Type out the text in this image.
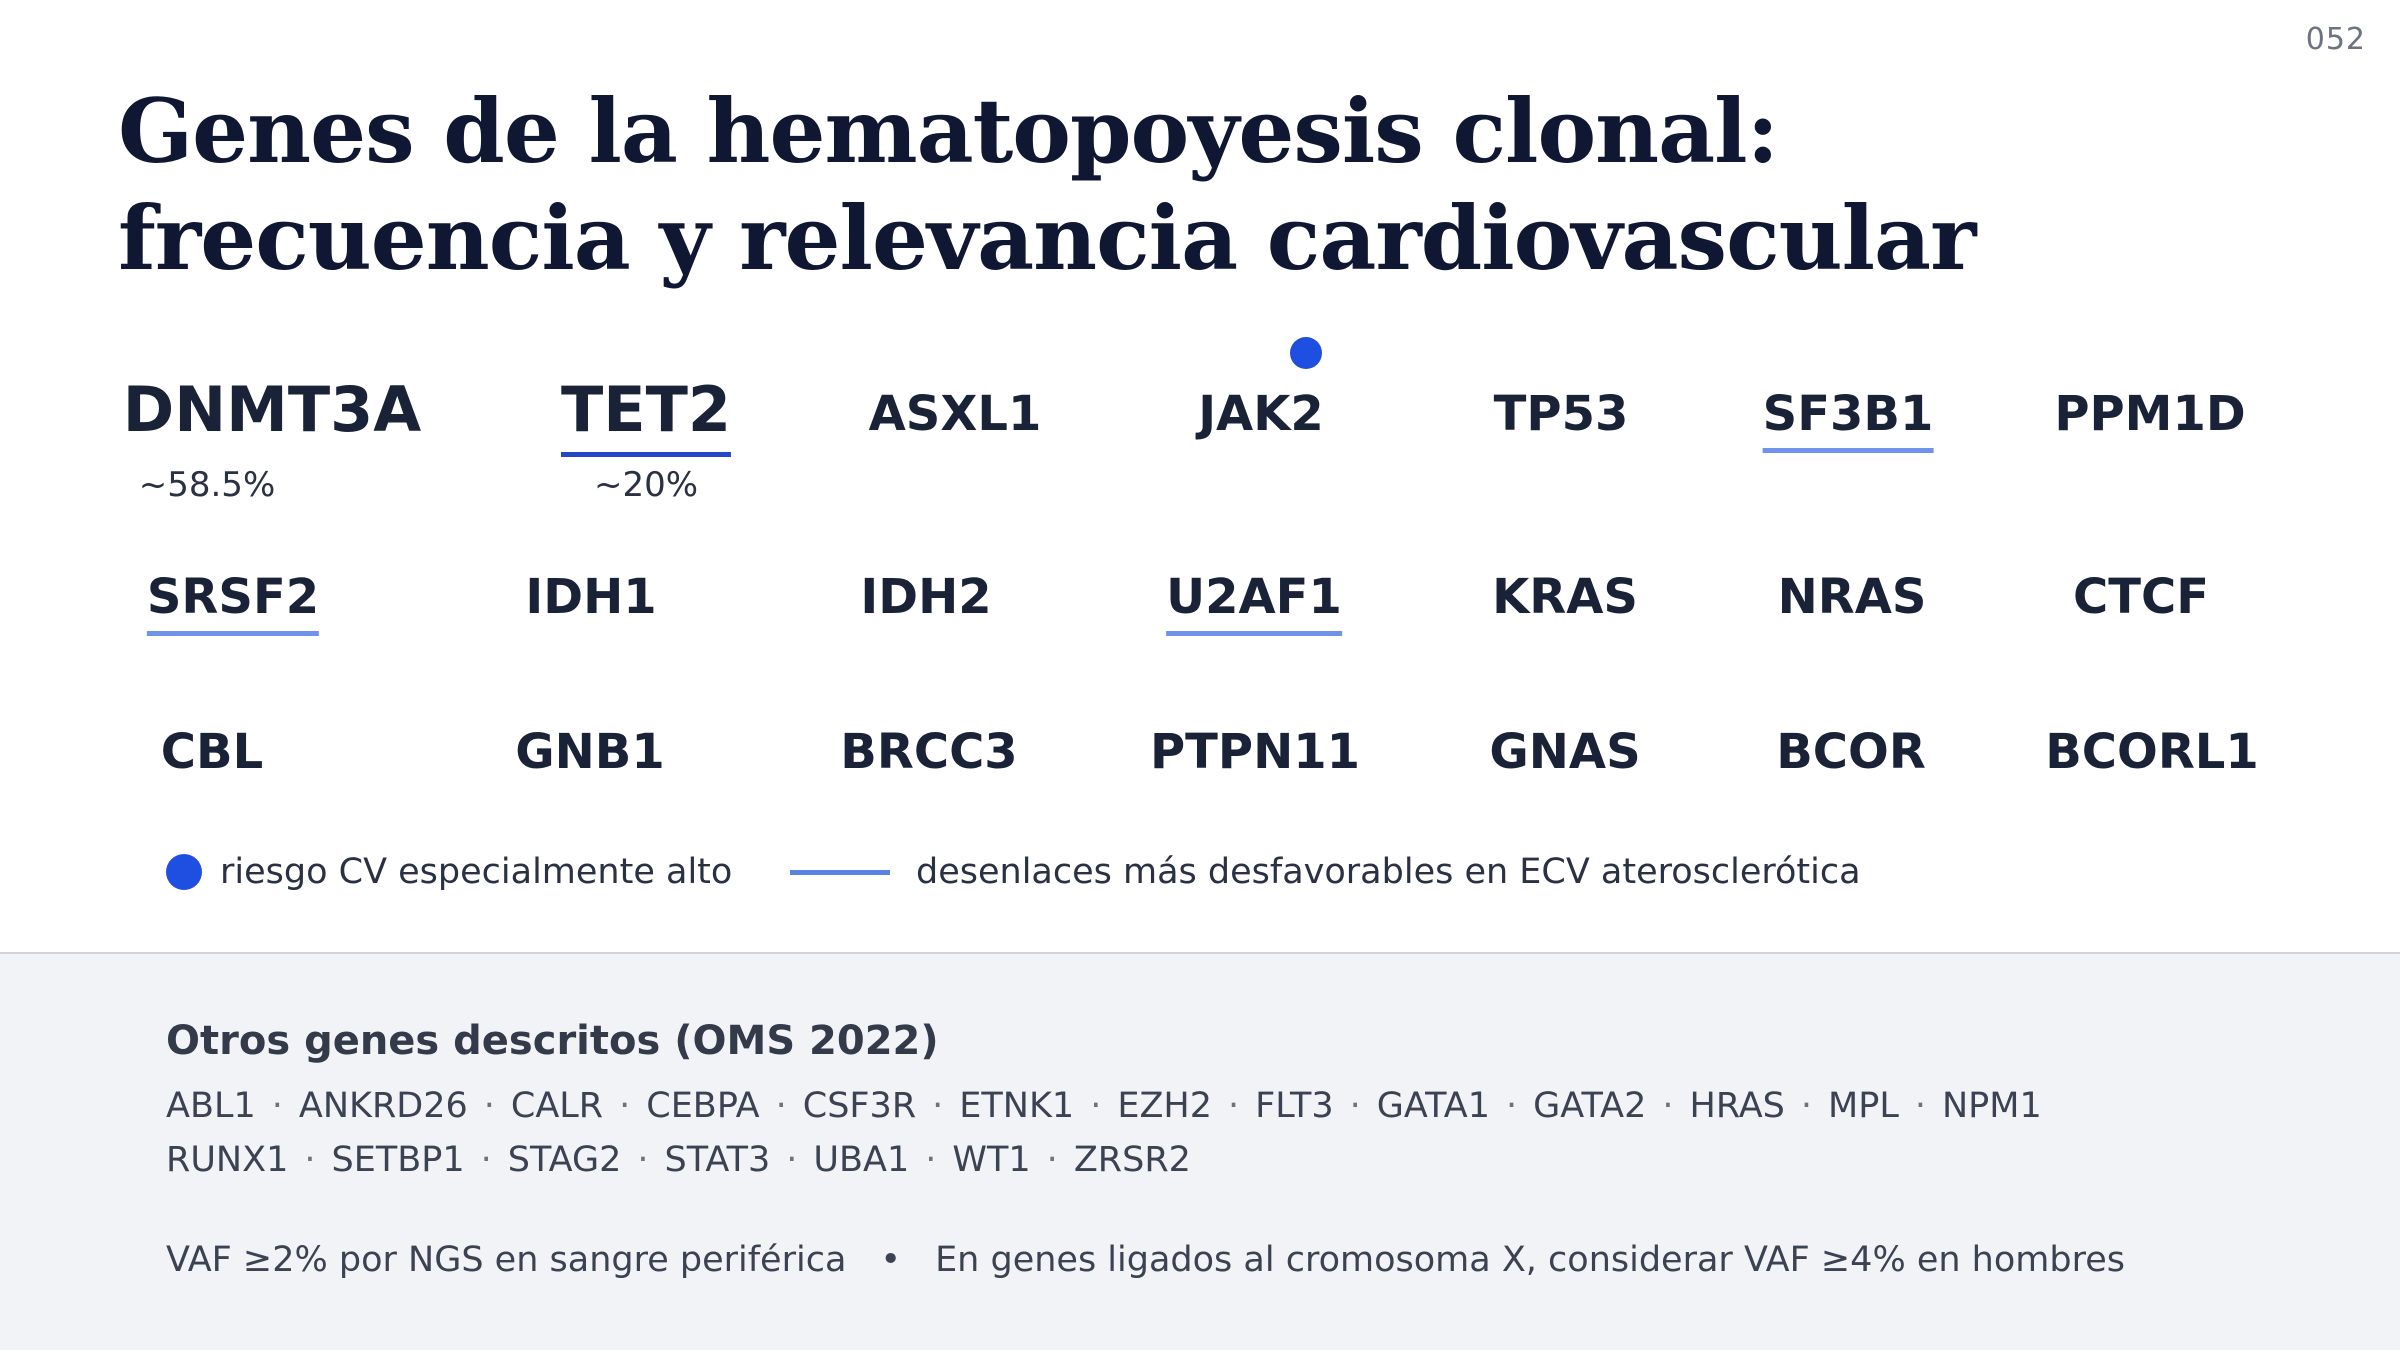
052
Genes de la hematopoyesis clonal:
frecuencia y relevancia cardiovascular
DNMT3A
~58.5%
TET2
~20%
ASXL1	JAK2	TP53	SF3B1	PPM1D
SRSF2	IDH1	IDH2	U2AF1	KRAS	NRAS	CTCF
CBL	GNB1	BRCC3	PTPN11	GNAS	BCOR BCORL1
riesgo CV especialmente alto	desenlaces más desfavorables en ECV aterosclerótica
Otros genes descritos (OMS 2022)
ABL1 · ANKRD26 · CALR · CEBPA · CSF3R · ETNK1 · EZH2 · FLT3 · GATA1 · GATA2 · HRAS · MPL · NPM1
RUNX1 · SETBP1 · STAG2 · STAT3 · UBA1 · WT1 · ZRSR2
VAF ≥2% por NGS en sangre periférica • En genes ligados al cromosoma X, considerar VAF ≥4% en hombres
